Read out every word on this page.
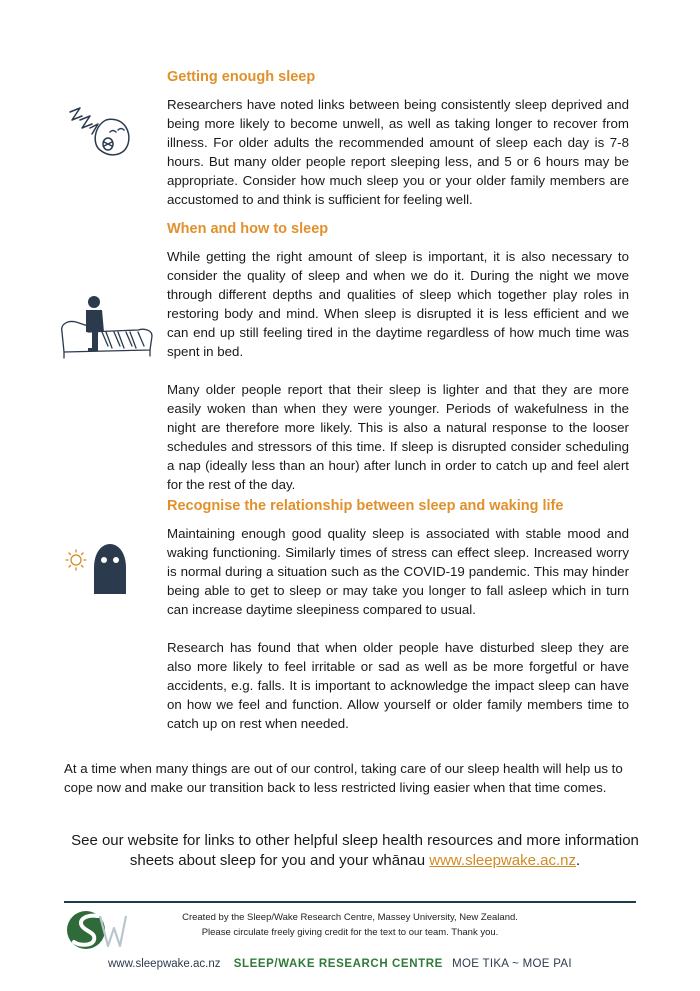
Getting enough sleep

Researchers have noted links between being consistently sleep deprived and being more likely to become unwell, as well as taking longer to recover from illness. For older adults the recommended amount of sleep each day is 7-8 hours. But many older people report sleeping less, and 5 or 6 hours may be appropriate. Consider how much sleep you or your older family members are accustomed to and think is sufficient for feeling well.

When and how to sleep

While getting the right amount of sleep is important, it is also necessary to consider the quality of sleep and when we do it. During the night we move through different depths and qualities of sleep which together play roles in restoring body and mind. When sleep is disrupted it is less efficient and we can end up still feeling tired in the daytime regardless of how much time was spent in bed.

Many older people report that their sleep is lighter and that they are more easily woken than when they were younger. Periods of wakefulness in the night are therefore more likely. This is also a natural response to the looser schedules and stressors of this time. If sleep is disrupted consider scheduling a nap (ideally less than an hour) after lunch in order to catch up and feel alert for the rest of the day.

Recognise the relationship between sleep and waking life

Maintaining enough good quality sleep is associated with stable mood and waking functioning. Similarly times of stress can effect sleep. Increased worry is normal during a situation such as the COVID-19 pandemic. This may hinder being able to get to sleep or may take you longer to fall asleep which in turn can increase daytime sleepiness compared to usual.

Research has found that when older people have disturbed sleep they are also more likely to feel irritable or sad as well as be more forgetful or have accidents, e.g. falls. It is important to acknowledge the impact sleep can have on how we feel and function. Allow yourself or older family members time to catch up on rest when needed.

At a time when many things are out of our control, taking care of our sleep health will help us to cope now and make our transition back to less restricted living easier when that time comes.

See our website for links to other helpful sleep health resources and more information sheets about sleep for you and your whānau www.sleepwake.ac.nz.

Created by the Sleep/Wake Research Centre, Massey University, New Zealand.
Please circulate freely giving credit for the text to our team. Thank you.
www.sleepwake.ac.nz SLEEP/WAKE RESEARCH CENTRE MOE TIKA ~ MOE PAI
